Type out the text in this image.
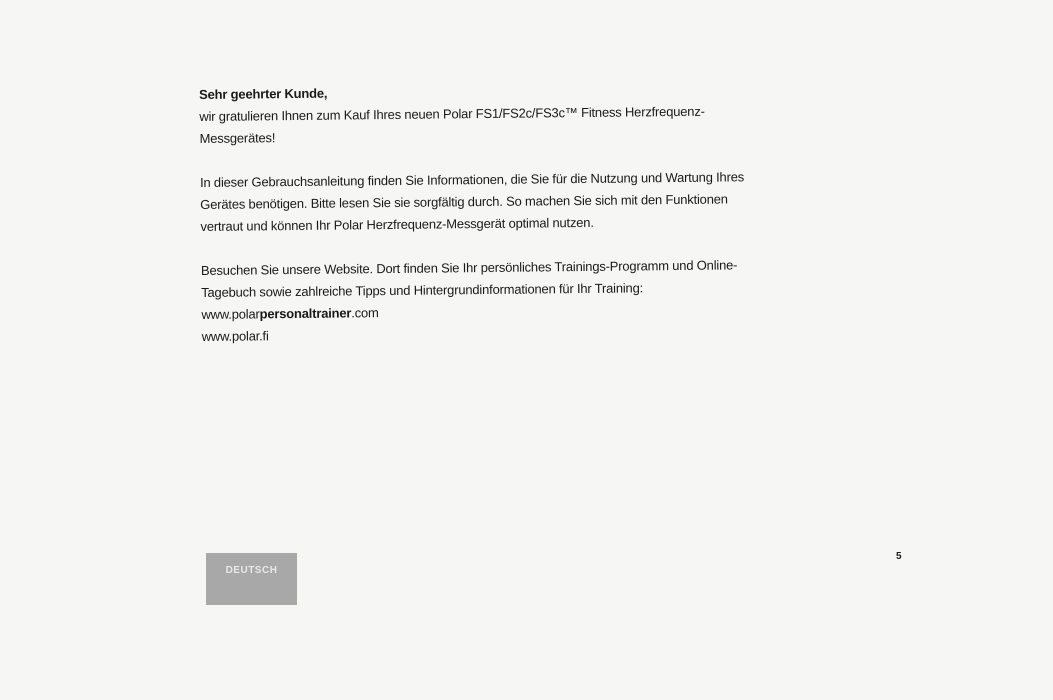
Sehr geehrter Kunde,

wir gratulieren Ihnen zum Kauf Ihres neuen Polar FS1/FS2c/FS3c™ Fitness Herzfrequenz-

Messgerätes!

In dieser Gebrauchsanleitung finden Sie Informationen, die Sie für die Nutzung und Wartung Ihres

Gerätes benötigen. Bitte lesen Sie sie sorgfältig durch. So machen Sie sich mit den Funktionen

vertraut und können Ihr Polar Herzfrequenz-Messgerät optimal nutzen.

Besuchen Sie unsere Website. Dort finden Sie Ihr persönliches Trainings-Programm und Online-

Tagebuch sowie zahlreiche Tipps und Hintergrundinformationen für Ihr Training:

www.polarpersonaltrainer.com

www.polar.fi

DEUTSCH
5
